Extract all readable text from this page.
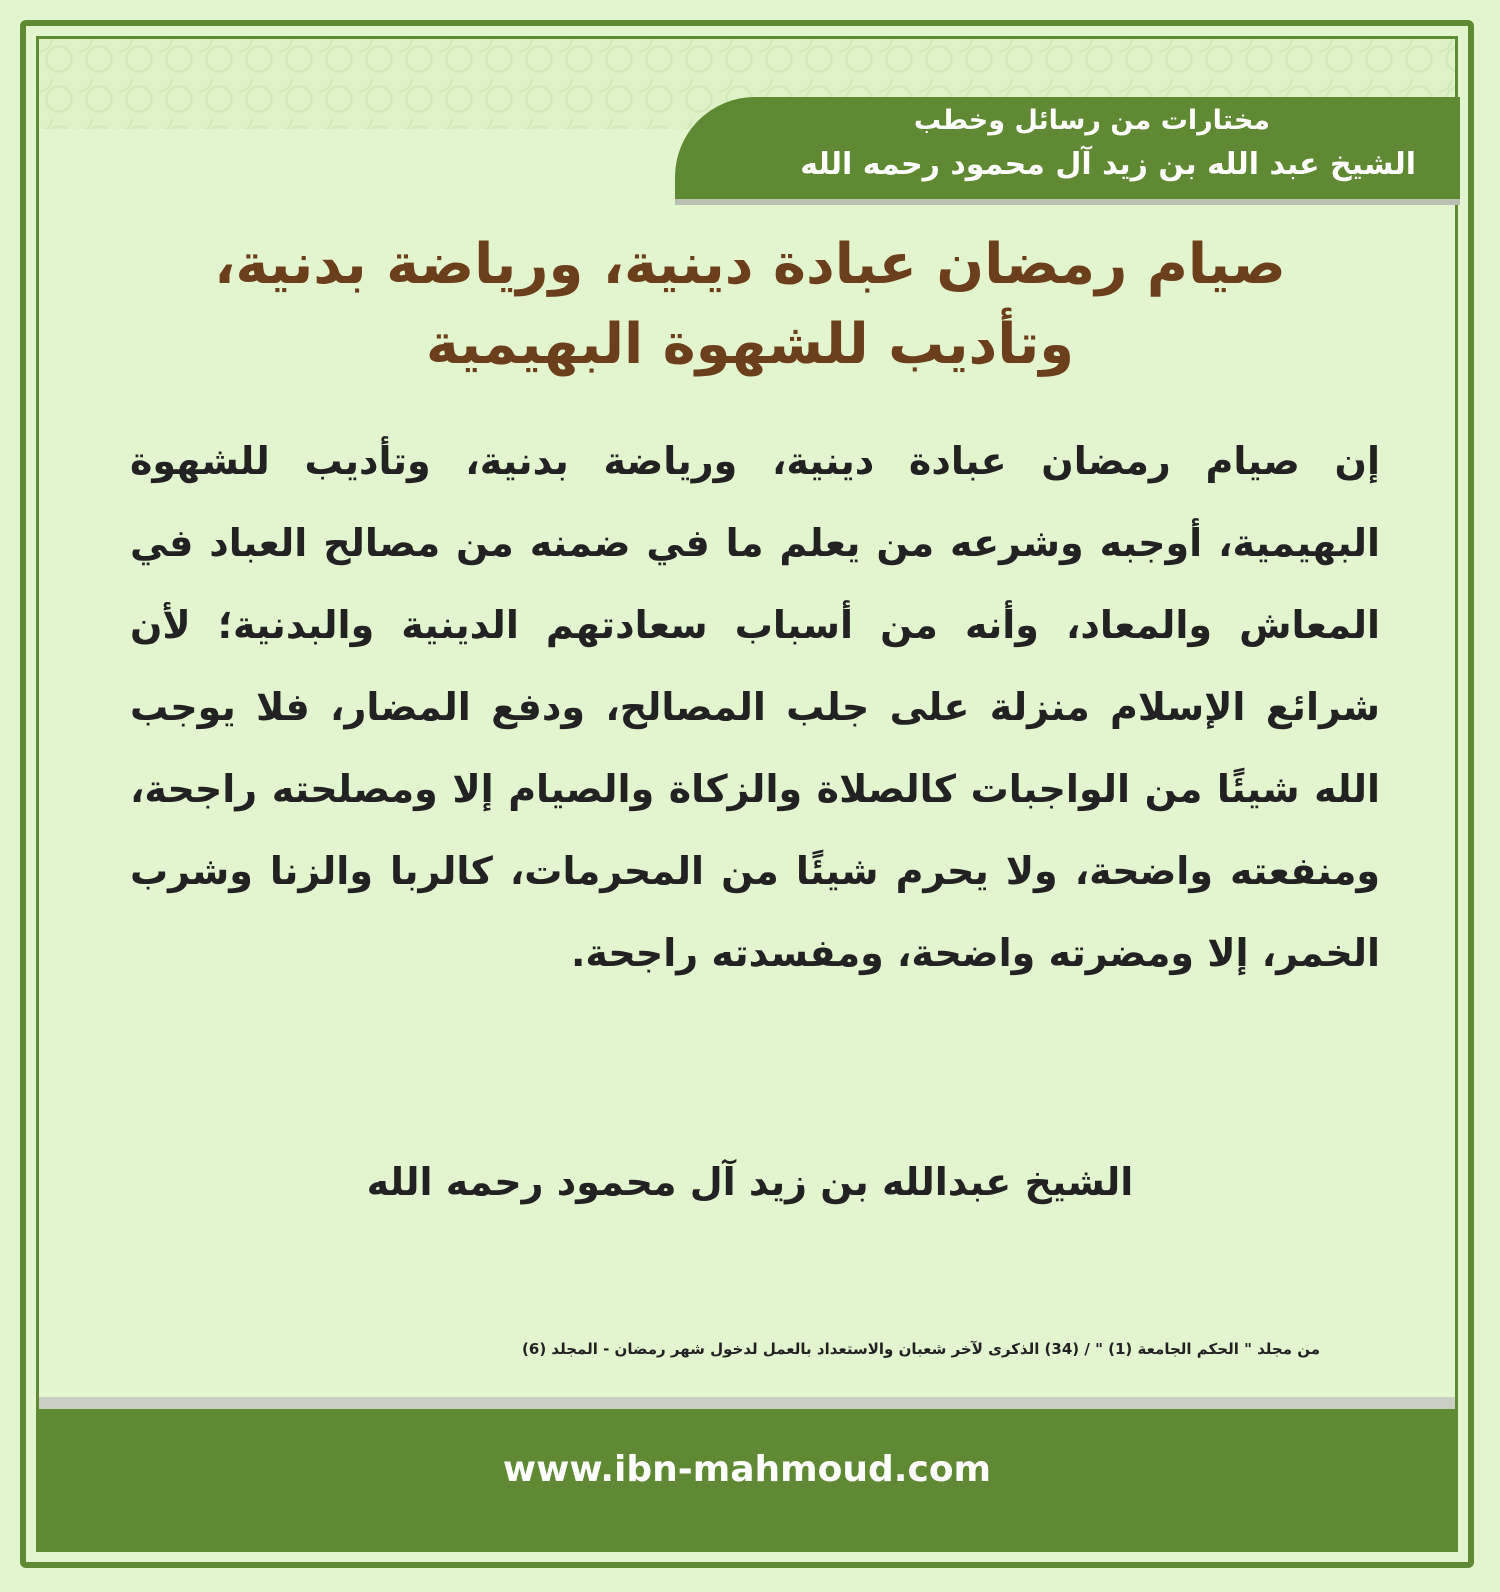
مختارات من رسائل وخطب
الشيخ عبد الله بن زيد آل محمود رحمه الله
صيام رمضان عبادة دينية، ورياضة بدنية، وتأديب للشهوة البهيمية
إن صيام رمضان عبادة دينية، ورياضة بدنية، وتأديب للشهوة البهيمية، أوجبه وشرعه من يعلم ما في ضمنه من مصالح العباد في المعاش والمعاد، وأنه من أسباب سعادتهم الدينية والبدنية؛ لأن شرائع الإسلام منزلة على جلب المصالح، ودفع المضار، فلا يوجب الله شيئًا من الواجبات كالصلاة والزكاة والصيام إلا ومصلحته راجحة، ومنفعته واضحة، ولا يحرم شيئًا من المحرمات، كالربا والزنا وشرب الخمر، إلا ومضرته واضحة، ومفسدته راجحة.
الشيخ عبدالله بن زيد آل محمود رحمه الله
من مجلد " الحكم الجامعة (1) " / (34) الذكرى لآخر شعبان والاستعداد بالعمل لدخول شهر رمضان - المجلد (6)
www.ibn-mahmoud.com
